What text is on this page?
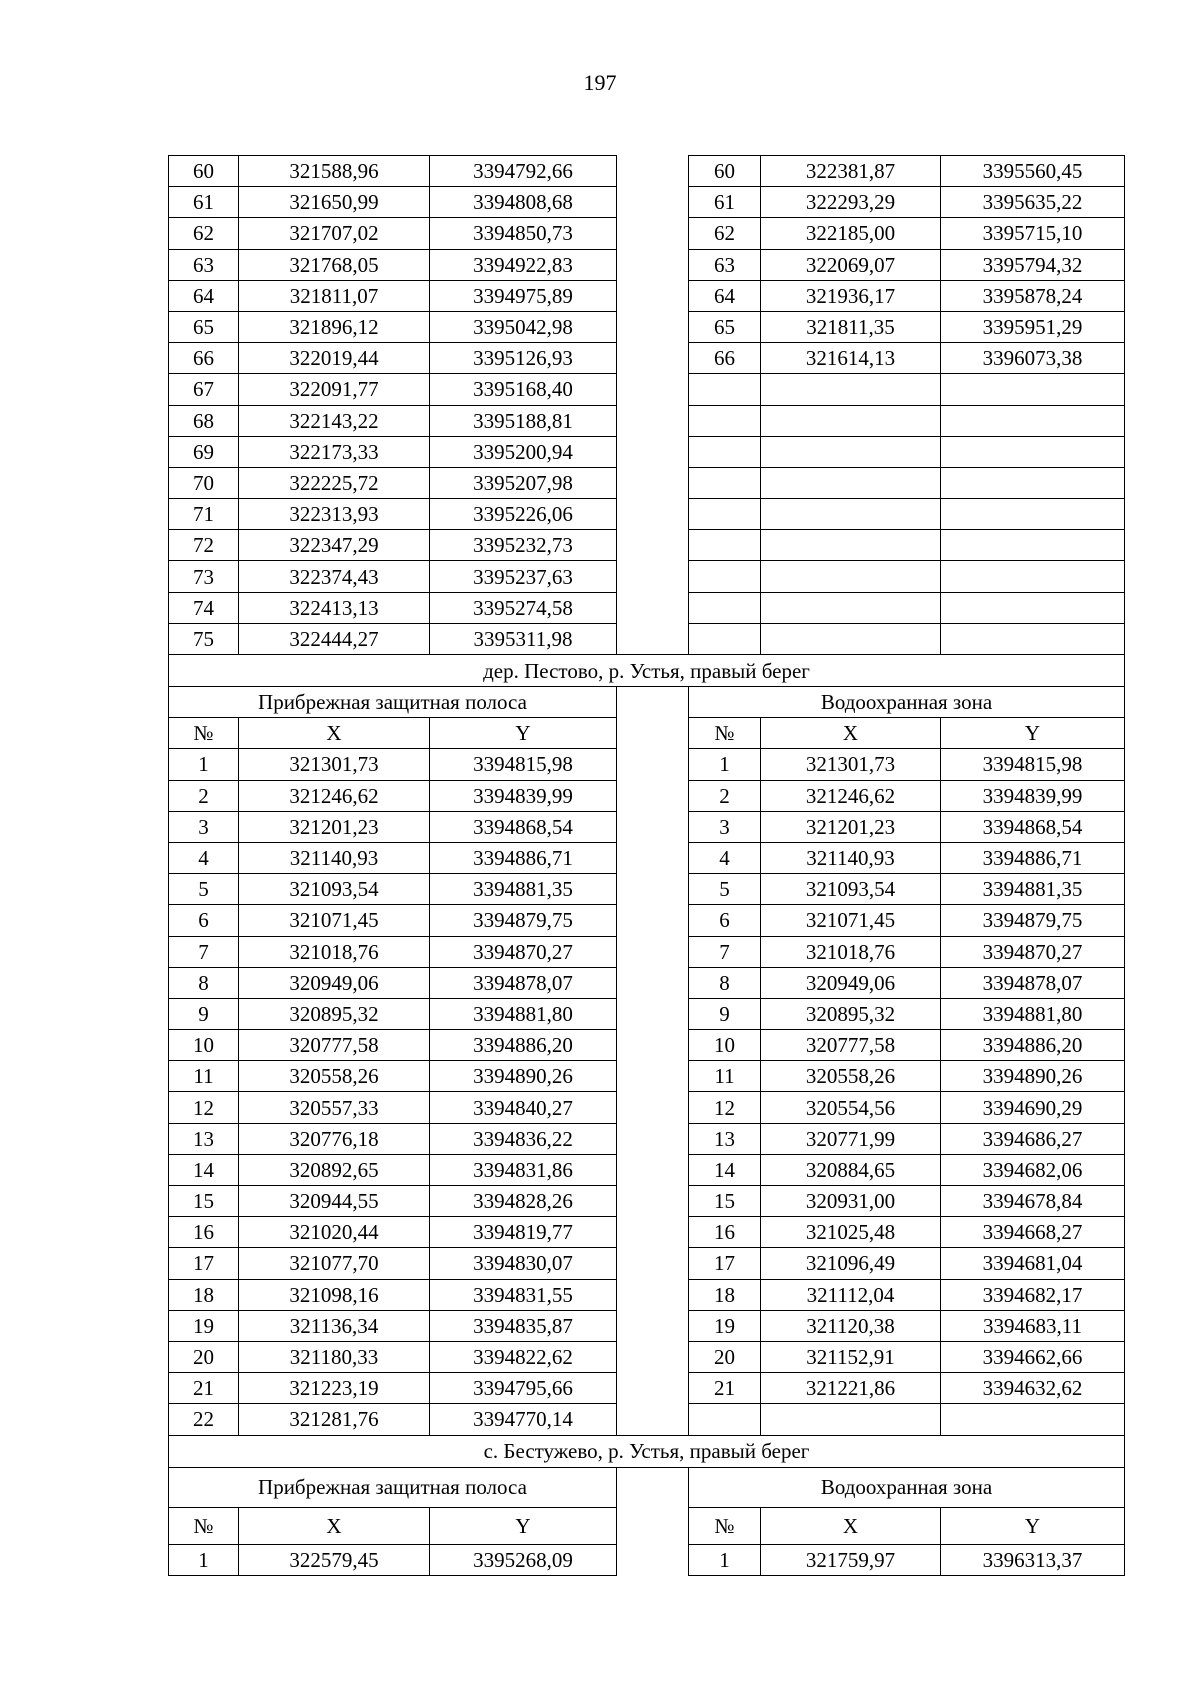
197
60	321588,96	3394792,66		60	322381,87	3395560,45
61	321650,99	3394808,68		61	322293,29	3395635,22
62	321707,02	3394850,73		62	322185,00	3395715,10
63	321768,05	3394922,83		63	322069,07	3395794,32
64	321811,07	3394975,89		64	321936,17	3395878,24
65	321896,12	3395042,98		65	321811,35	3395951,29
66	322019,44	3395126,93		66	321614,13	3396073,38
67	322091,77	3395168,40				
68	322143,22	3395188,81				
69	322173,33	3395200,94				
70	322225,72	3395207,98				
71	322313,93	3395226,06				
72	322347,29	3395232,73				
73	322374,43	3395237,63				
74	322413,13	3395274,58				
75	322444,27	3395311,98				
дер. Пестово, р. Устья, правый берег						
Прибрежная защитная полоса				Водоохранная зона		
№	X	Y		№	X	Y
1	321301,73	3394815,98		1	321301,73	3394815,98
2	321246,62	3394839,99		2	321246,62	3394839,99
3	321201,23	3394868,54		3	321201,23	3394868,54
4	321140,93	3394886,71		4	321140,93	3394886,71
5	321093,54	3394881,35		5	321093,54	3394881,35
6	321071,45	3394879,75		6	321071,45	3394879,75
7	321018,76	3394870,27		7	321018,76	3394870,27
8	320949,06	3394878,07		8	320949,06	3394878,07
9	320895,32	3394881,80		9	320895,32	3394881,80
10	320777,58	3394886,20		10	320777,58	3394886,20
11	320558,26	3394890,26		11	320558,26	3394890,26
12	320557,33	3394840,27		12	320554,56	3394690,29
13	320776,18	3394836,22		13	320771,99	3394686,27
14	320892,65	3394831,86		14	320884,65	3394682,06
15	320944,55	3394828,26		15	320931,00	3394678,84
16	321020,44	3394819,77		16	321025,48	3394668,27
17	321077,70	3394830,07		17	321096,49	3394681,04
18	321098,16	3394831,55		18	321112,04	3394682,17
19	321136,34	3394835,87		19	321120,38	3394683,11
20	321180,33	3394822,62		20	321152,91	3394662,66
21	321223,19	3394795,66		21	321221,86	3394632,62
22	321281,76	3394770,14				
с. Бестужево, р. Устья, правый берег						
Прибрежная защитная полоса				Водоохранная зона		
№	X	Y		№	X	Y
1	322579,45	3395268,09		1	321759,97	3396313,37
